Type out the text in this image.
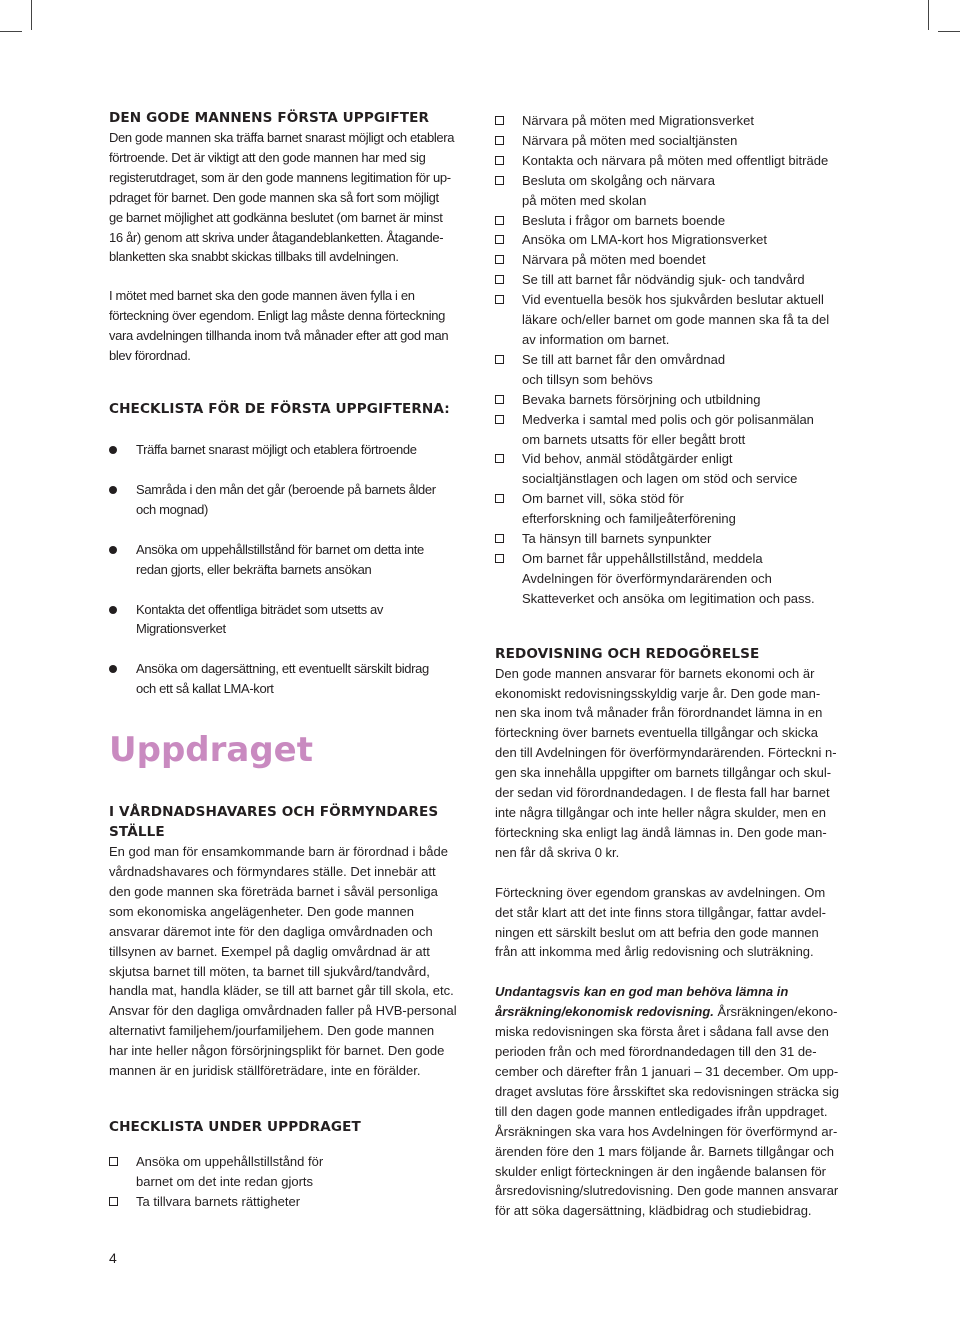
DEN GODE MANNENS FÖRSTA UPPGIFTER

Den gode mannen ska träffa barnet snarast möjligt och etablera

förtroende. Det är viktigt att den gode mannen har med sig

registerutdraget, som är den gode mannens legitimation för up-

pdraget för barnet. Den gode mannen ska så fort som möjligt

ge barnet möjlighet att godkänna beslutet (om barnet är minst

16 år) genom att skriva under åtagandeblanketten. Åtagande-

blanketten ska snabbt skickas tillbaks till avdelningen.

I mötet med barnet ska den gode mannen även fylla i en

förteckning över egendom. Enligt lag måste denna förteckning

vara avdelningen tillhanda inom två månader efter att god man

blev förordnad.

CHECKLISTA FÖR DE FÖRSTA UPPGIFTERNA:
Träffa barnet snarast möjligt och etablera förtroende
Samråda i den mån det går (beroende på barnets ålder
och mognad)
Ansöka om uppehållstillstånd för barnet om detta inte
redan gjorts, eller bekräfta barnets ansökan
Kontakta det offentliga biträdet som utsetts av
Migrationsverket
Ansöka om dagersättning, ett eventuellt särskilt bidrag
och ett så kallat LMA-kort
Uppdraget
I VÅRDNADSHAVARES OCH FÖRMYNDARES STÄLLE

En god man för ensamkommande barn är förordnad i både

vårdnadshavares och förmyndares ställe. Det innebär att

den gode mannen ska företräda barnet i såväl personliga

som ekonomiska angelägenheter. Den gode mannen

ansvarar däremot inte för den dagliga omvårdnaden och

tillsynen av barnet. Exempel på daglig omvårdnad är att

skjutsa barnet till möten, ta barnet till sjukvård/tandvård,

handla mat, handla kläder, se till att barnet går till skola, etc.

Ansvar för den dagliga omvårdnaden faller på HVB-personal

alternativt familjehem/jourfamiljehem. Den gode mannen

har inte heller någon försörjningsplikt för barnet. Den gode

mannen är en juridisk ställföreträdare, inte en förälder.

CHECKLISTA UNDER UPPDRAGET
Ansöka om uppehållstillstånd för
barnet om det inte redan gjorts
Ta tillvara barnets rättigheter
Närvara på möten med Migrationsverket
Närvara på möten med socialtjänsten
Kontakta och närvara på möten med offentligt biträde
Besluta om skolgång och närvara
på möten med skolan
Besluta i frågor om barnets boende
Ansöka om LMA-kort hos Migrationsverket
Närvara på möten med boendet
Se till att barnet får nödvändig sjuk- och tandvård
Vid eventuella besök hos sjukvården beslutar aktuell
läkare och/eller barnet om gode mannen ska få ta del
av information om barnet.
Se till att barnet får den omvårdnad
och tillsyn som behövs
Bevaka barnets försörjning och utbildning
Medverka i samtal med polis och gör polisanmälan
om barnets utsatts för eller begått brott
Vid behov, anmäl stödåtgärder enligt
socialtjänstlagen och lagen om stöd och service
Om barnet vill, söka stöd för
efterforskning och familjeåterförening
Ta hänsyn till barnets synpunkter
Om barnet får uppehållstillstånd, meddela
Avdelningen för överförmyndarärenden och
Skatteverket och ansöka om legitimation och pass.
REDOVISNING OCH REDOGÖRELSE

Den gode mannen ansvarar för barnets ekonomi och är

ekonomiskt redovisningsskyldig varje år. Den gode man-

nen ska inom två månader från förordnandet lämna in en

förteckning över barnets eventuella tillgångar och skicka

den till Avdelningen för överförmyndarärenden. Förteckni n-

gen ska innehålla uppgifter om barnets tillgångar och skul-

der sedan vid förordnandedagen. I de flesta fall har barnet

inte några tillgångar och inte heller några skulder, men en

förteckning ska enligt lag ändå lämnas in. Den gode man-

nen får då skriva 0 kr.

Förteckning över egendom granskas av avdelningen. Om

det står klart att det inte finns stora tillgångar, fattar avdel-

ningen ett särskilt beslut om att befria den gode mannen

från att inkomma med årlig redovisning och sluträkning.

Undantagsvis kan en god man behöva lämna in

årsräkning/ekonomisk redovisning. Årsräkningen/ekono-

miska redovisningen ska första året i sådana fall avse den

perioden från och med förordnandedagen till den 31 de-

cember och därefter från 1 januari – 31 december. Om upp-

draget avslutas före årsskiftet ska redovisningen sträcka sig

till den dagen gode mannen entledigades ifrån uppdraget.

Årsräkningen ska vara hos Avdelningen för överförmynd ar-

ärenden före den 1 mars följande år. Barnets tillgångar och

skulder enligt förteckningen är den ingående balansen för

årsredovisning/slutredovisning. Den gode mannen ansvarar

för att söka dagersättning, klädbidrag och studiebidrag.

4
